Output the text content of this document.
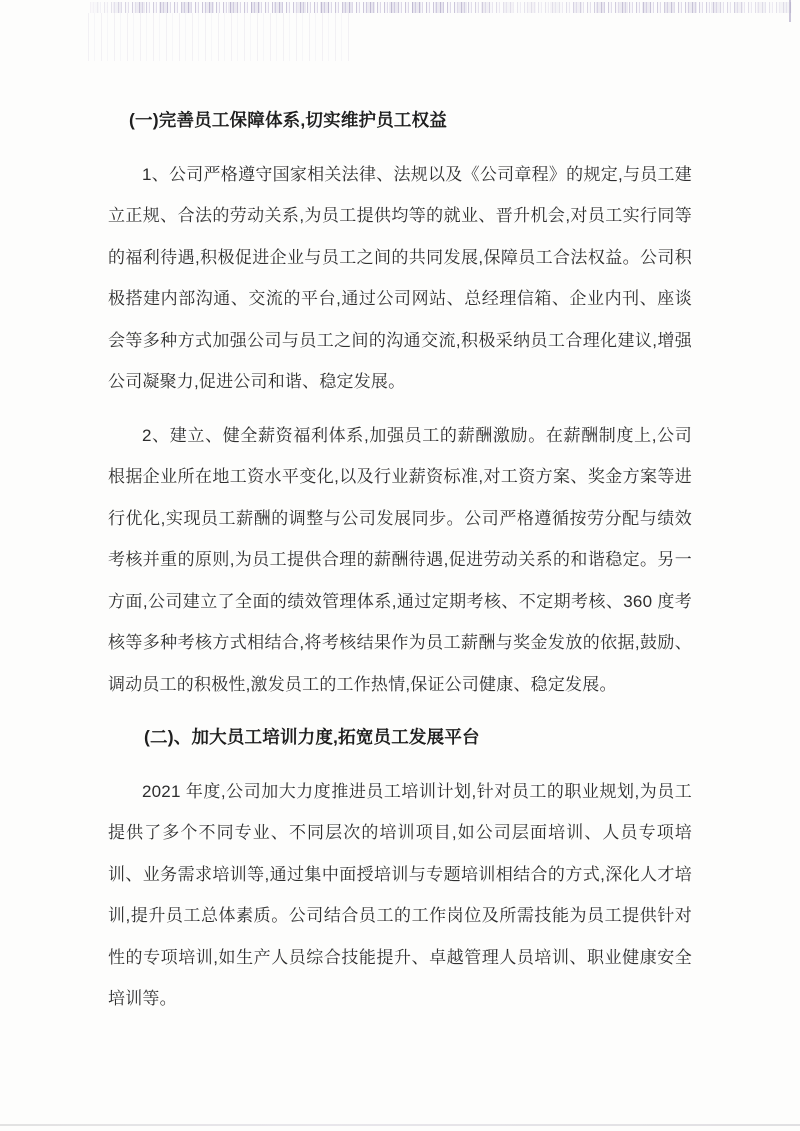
(一)完善员工保障体系,切实维护员工权益

1、公司严格遵守国家相关法律、法规以及《公司章程》的规定,与员工建立正规、合法的劳动关系,为员工提供均等的就业、晋升机会,对员工实行同等的福利待遇,积极促进企业与员工之间的共同发展,保障员工合法权益。公司积极搭建内部沟通、交流的平台,通过公司网站、总经理信箱、企业内刊、座谈会等多种方式加强公司与员工之间的沟通交流,积极采纳员工合理化建议,增强公司凝聚力,促进公司和谐、稳定发展。

2、建立、健全薪资福利体系,加强员工的薪酬激励。在薪酬制度上,公司根据企业所在地工资水平变化,以及行业薪资标准,对工资方案、奖金方案等进行优化,实现员工薪酬的调整与公司发展同步。公司严格遵循按劳分配与绩效考核并重的原则,为员工提供合理的薪酬待遇,促进劳动关系的和谐稳定。另一方面,公司建立了全面的绩效管理体系,通过定期考核、不定期考核、360 度考核等多种考核方式相结合,将考核结果作为员工薪酬与奖金发放的依据,鼓励、调动员工的积极性,激发员工的工作热情,保证公司健康、稳定发展。

(二)、加大员工培训力度,拓宽员工发展平台

2021 年度,公司加大力度推进员工培训计划,针对员工的职业规划,为员工提供了多个不同专业、不同层次的培训项目,如公司层面培训、人员专项培训、业务需求培训等,通过集中面授培训与专题培训相结合的方式,深化人才培训,提升员工总体素质。公司结合员工的工作岗位及所需技能为员工提供针对性的专项培训,如生产人员综合技能提升、卓越管理人员培训、职业健康安全培训等。
